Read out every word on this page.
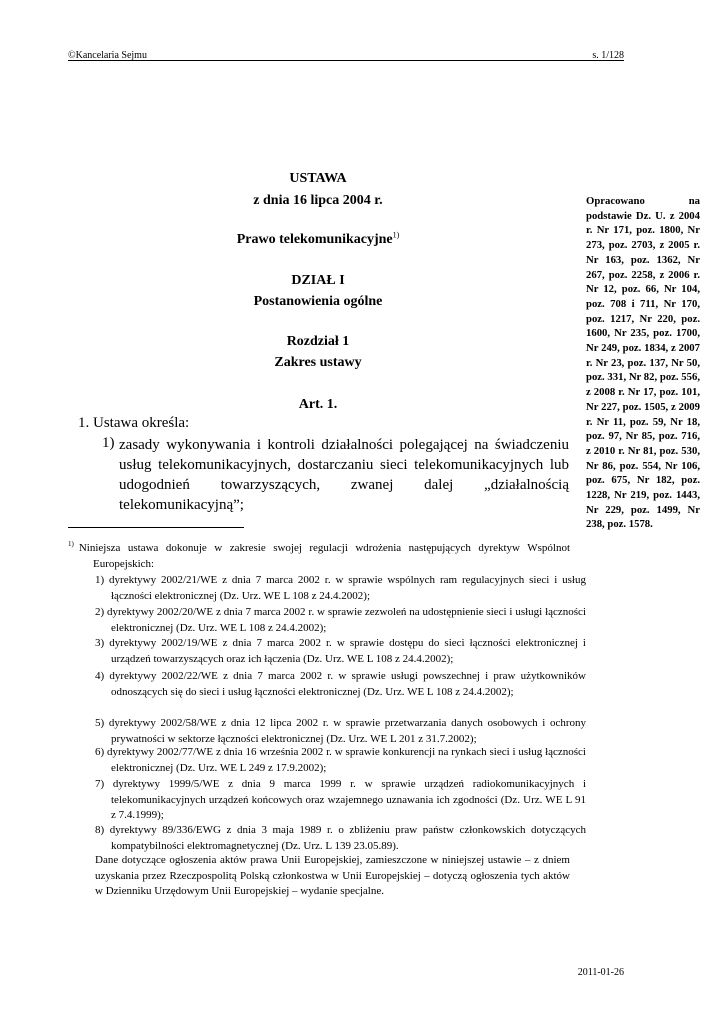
©Kancelaria Sejmu	s. 1/128
USTAWA
z dnia 16 lipca 2004 r.
Prawo telekomunikacyjne$^{1)}$
DZIAŁ I
Postanowienia ogólne
Rozdział 1
Zakres ustawy
Art. 1.
1. Ustawa określa:
1) zasady wykonywania i kontroli działalności polegającej na świadczeniu usług telekomunikacyjnych, dostarczaniu sieci telekomunikacyjnych lub udogodnień towarzyszących, zwanej dalej „działalnością telekomunikacyjną”;
$^{1)}$ Niniejsza ustawa dokonuje w zakresie swojej regulacji wdrożenia następujących dyrektyw Wspólnot Europejskich:
1) dyrektywy 2002/21/WE z dnia 7 marca 2002 r. w sprawie wspólnych ram regulacyjnych sieci i usług łączności elektronicznej (Dz. Urz. WE L 108 z 24.4.2002);
2) dyrektywy 2002/20/WE z dnia 7 marca 2002 r. w sprawie zezwoleń na udostępnienie sieci i usługi łączności elektronicznej (Dz. Urz. WE L 108 z 24.4.2002);
3) dyrektywy 2002/19/WE z dnia 7 marca 2002 r. w sprawie dostępu do sieci łączności elektronicznej i urządzeń towarzyszących oraz ich łączenia (Dz. Urz. WE L 108 z 24.4.2002);
4) dyrektywy 2002/22/WE z dnia 7 marca 2002 r. w sprawie usługi powszechnej i praw użytkowników odnoszących się do sieci i usług łączności elektronicznej (Dz. Urz. WE L 108 z 24.4.2002);
5) dyrektywy 2002/58/WE z dnia 12 lipca 2002 r. w sprawie przetwarzania danych osobowych i ochrony prywatności w sektorze łączności elektronicznej (Dz. Urz. WE L 201 z 31.7.2002);
6) dyrektywy 2002/77/WE z dnia 16 września 2002 r. w sprawie konkurencji na rynkach sieci i usług łączności elektronicznej (Dz. Urz. WE L 249 z 17.9.2002);
7) dyrektywy 1999/5/WE z dnia 9 marca 1999 r. w sprawie urządzeń radiokomunikacyjnych i telekomunikacyjnych urządzeń końcowych oraz wzajemnego uznawania ich zgodności (Dz. Urz. WE L 91 z 7.4.1999);
8) dyrektywy 89/336/EWG z dnia 3 maja 1989 r. o zbliżeniu praw państw członkowskich dotyczących kompatybilności elektromagnetycznej (Dz. Urz. L 139 23.05.89).
Dane dotyczące ogłoszenia aktów prawa Unii Europejskiej, zamieszczone w niniejszej ustawie – z dniem uzyskania przez Rzeczpospolitą Polską członkostwa w Unii Europejskiej – dotyczą ogłoszenia tych aktów w Dzienniku Urzędowym Unii Europejskiej – wydanie specjalne.
Opracowano na podstawie Dz. U. z 2004 r. Nr 171, poz. 1800, Nr 273, poz. 2703, z 2005 r. Nr 163, poz. 1362, Nr 267, poz. 2258, z 2006 r. Nr 12, poz. 66, Nr 104, poz. 708 i 711, Nr 170, poz. 1217, Nr 220, poz. 1600, Nr 235, poz. 1700, Nr 249, poz. 1834, z 2007 r. Nr 23, poz. 137, Nr 50, poz. 331, Nr 82, poz. 556, z 2008 r. Nr 17, poz. 101, Nr 227, poz. 1505, z 2009 r. Nr 11, poz. 59, Nr 18, poz. 97, Nr 85, poz. 716, z 2010 r. Nr 81, poz. 530, Nr 86, poz. 554, Nr 106, poz. 675, Nr 182, poz. 1228, Nr 219, poz. 1443, Nr 229, poz. 1499, Nr 238, poz. 1578.
2011-01-26
